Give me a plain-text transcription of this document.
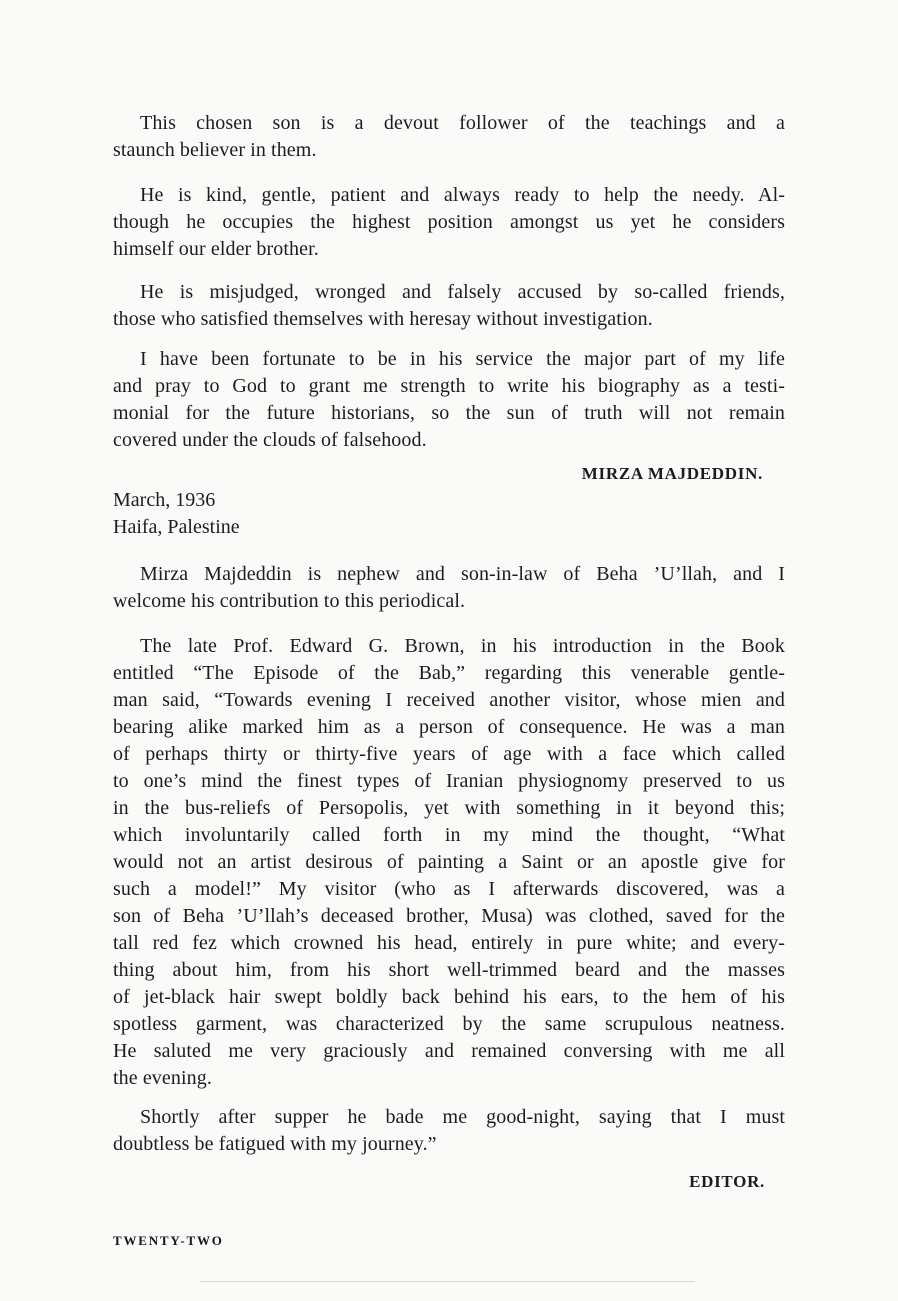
This chosen son is a devout follower of the teachings and a
staunch believer in them.
He is kind, gentle, patient and always ready to help the needy. Al-
though he occupies the highest position amongst us yet he considers
himself our elder brother.
He is misjudged, wronged and falsely accused by so-called friends,
those who satisfied themselves with heresay without investigation.
I have been fortunate to be in his service the major part of my life
and pray to God to grant me strength to write his biography as a testi-
monial for the future historians, so the sun of truth will not remain
covered under the clouds of falsehood.
MIRZA MAJDEDDIN.
March, 1936
Haifa, Palestine
Mirza Majdeddin is nephew and son-in-law of Beha ’U’llah, and I
welcome his contribution to this periodical.
The late Prof. Edward G. Brown, in his introduction in the Book
entitled “The Episode of the Bab,” regarding this venerable gentle-
man said, “Towards evening I received another visitor, whose mien and
bearing alike marked him as a person of consequence. He was a man
of perhaps thirty or thirty-five years of age with a face which called
to one’s mind the finest types of Iranian physiognomy preserved to us
in the bus-reliefs of Persopolis, yet with something in it beyond this;
which involuntarily called forth in my mind the thought, “What
would not an artist desirous of painting a Saint or an apostle give for
such a model!” My visitor (who as I afterwards discovered, was a
son of Beha ’U’llah’s deceased brother, Musa) was clothed, saved for the
tall red fez which crowned his head, entirely in pure white; and every-
thing about him, from his short well-trimmed beard and the masses
of jet-black hair swept boldly back behind his ears, to the hem of his
spotless garment, was characterized by the same scrupulous neatness.
He saluted me very graciously and remained conversing with me all
the evening.
Shortly after supper he bade me good-night, saying that I must
doubtless be fatigued with my journey.”
EDITOR.
TWENTY-TWO
